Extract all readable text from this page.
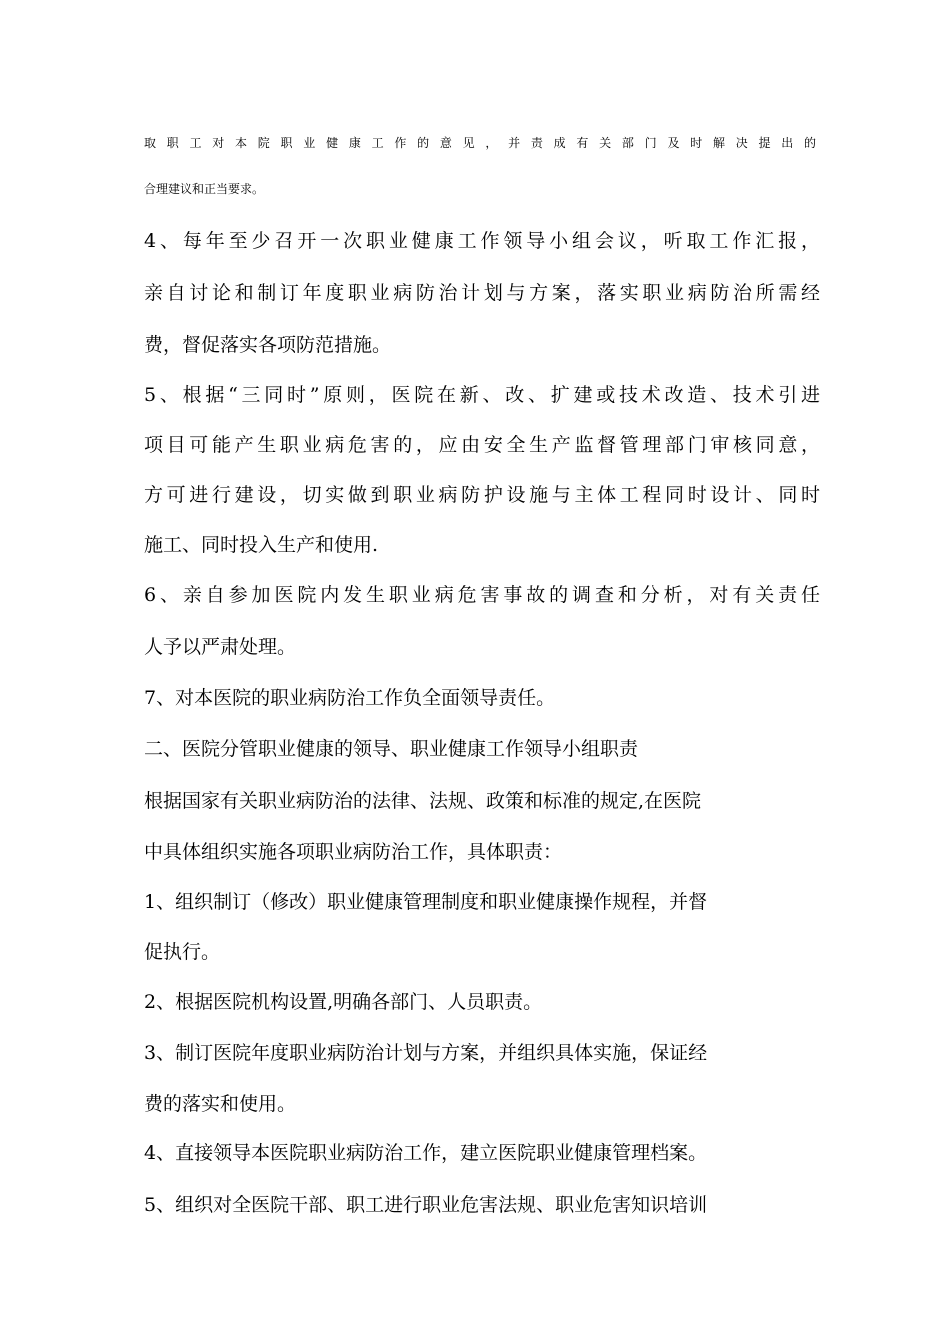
取职工对本院职业健康工作的意见，并责成有关部门及时解决提出的
合理建议和正当要求。
4、每年至少召开一次职业健康工作领导小组会议，听取工作汇报，
亲自讨论和制订年度职业病防治计划与方案，落实职业病防治所需经
费，督促落实各项防范措施。
5、根据“三同时”原则，医院在新、改、扩建或技术改造、技术引进
项目可能产生职业病危害的，应由安全生产监督管理部门审核同意，
方可进行建设，切实做到职业病防护设施与主体工程同时设计、同时
施工、同时投入生产和使用.
6、亲自参加医院内发生职业病危害事故的调查和分析，对有关责任
人予以严肃处理。
7、对本医院的职业病防治工作负全面领导责任。
二、医院分管职业健康的领导、职业健康工作领导小组职责
根据国家有关职业病防治的法律、法规、政策和标准的规定,在医院
中具体组织实施各项职业病防治工作，具体职责：
1、组织制订（修改）职业健康管理制度和职业健康操作规程，并督
促执行。
2、根据医院机构设置,明确各部门、人员职责。
3、制订医院年度职业病防治计划与方案，并组织具体实施，保证经
费的落实和使用。
4、直接领导本医院职业病防治工作，建立医院职业健康管理档案。
5、组织对全医院干部、职工进行职业危害法规、职业危害知识培训
